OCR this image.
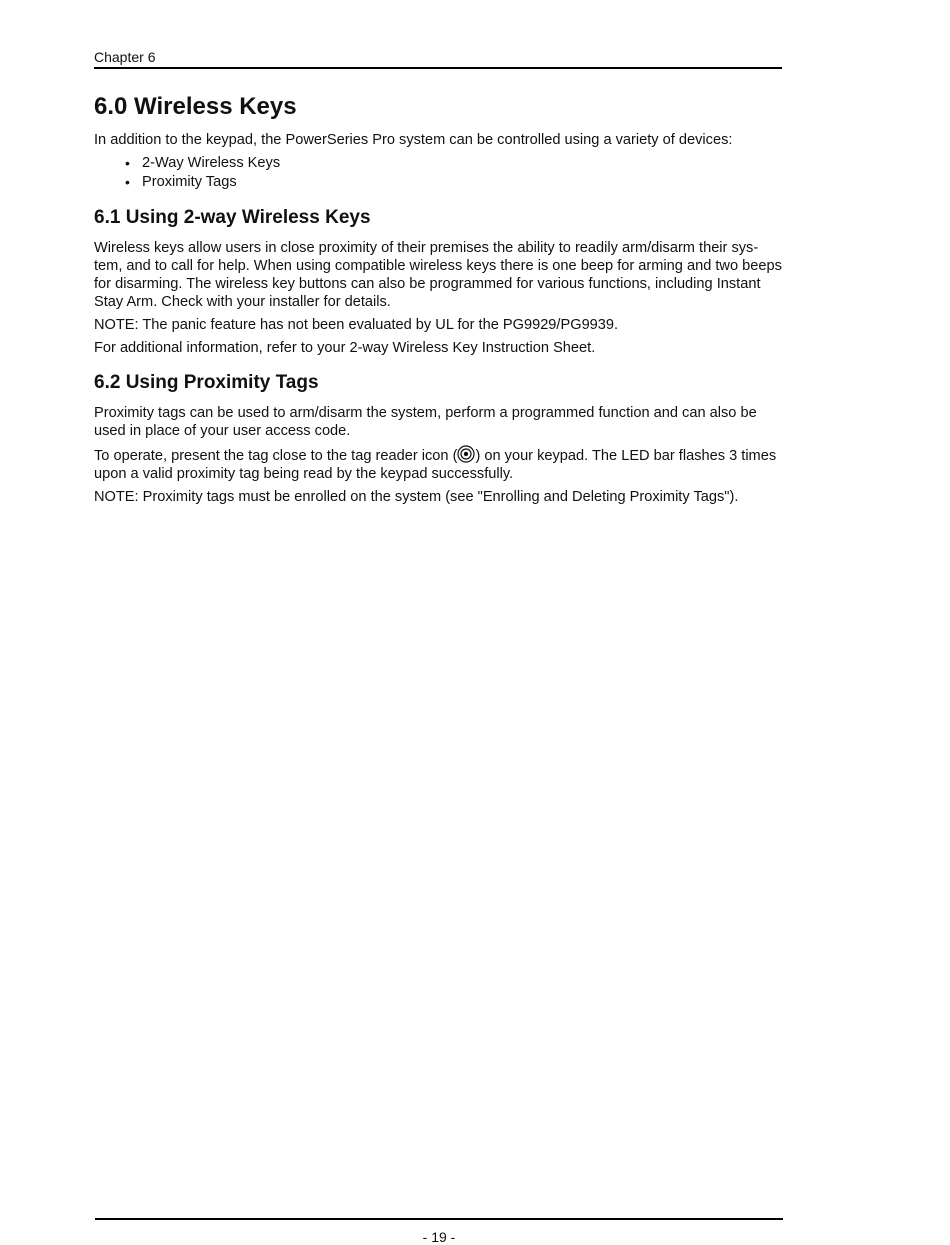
Chapter 6
6.0 Wireless Keys

In addition to the keypad, the PowerSeries Pro system can be controlled using a variety of devices:

• 2-Way Wireless Keys
• Proximity Tags
6.1 Using 2-way Wireless Keys

Wireless keys allow users in close proximity of their premises the ability to readily arm/disarm their sys-tem, and to call for help. When using compatible wireless keys there is one beep for arming and two beeps for disarming. The wireless key buttons can also be programmed for various functions, including Instant Stay Arm. Check with your installer for details.

NOTE: The panic feature has not been evaluated by UL for the PG9929/PG9939.

For additional information, refer to your 2-way Wireless Key Instruction Sheet.

6.2 Using Proximity Tags

Proximity tags can be used to arm/disarm the system, perform a programmed function and can also be used in place of your user access code.

To operate, present the tag close to the tag reader icon ( ) on your keypad. The LED bar flashes 3 times upon a valid proximity tag being read by the keypad successfully.

NOTE: Proximity tags must be enrolled on the system (see "Enrolling and Deleting Proximity Tags").

- 19 -
